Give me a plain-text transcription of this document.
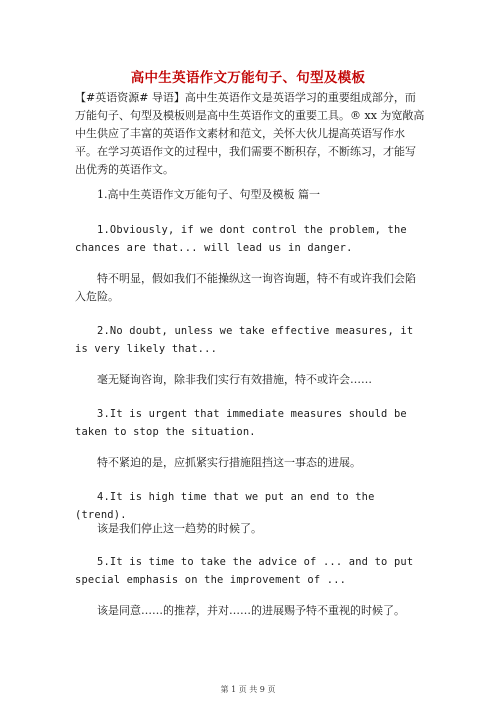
高中生英语作文万能句子、句型及模板

【#英语资源# 导语】高中生英语作文是英语学习的重要组成部分，而万能句子、句型及模板则是高中生英语作文的重要工具。® xx 为宽敞高中生供应了丰富的英语作文素材和范文，关怀大伙儿提高英语写作水平。在学习英语作文的过程中，我们需要不断积存，不断练习，才能写出优秀的英语作文。

1.高中生英语作文万能句子、句型及模板 篇一

1.Obviously, if we dont control the problem, the chances are that... will lead us in danger.

特不明显，假如我们不能操纵这一询咨询题，特不有或许我们会陷入危险。

2.No doubt, unless we take effective measures, it is very likely that...

毫无疑询咨询，除非我们实行有效措施，特不或许会……

3.It is urgent that immediate measures should be taken to stop the situation.

特不紧迫的是，应抓紧实行措施阻挡这一事态的进展。

4.It is high time that we put an end to the (trend).

该是我们停止这一趋势的时候了。

5.It is time to take the advice of ... and to put special emphasis on the improvement of ...

该是同意……的推荐，并对……的进展赐予特不重视的时候了。

第 1 页 共 9 页
